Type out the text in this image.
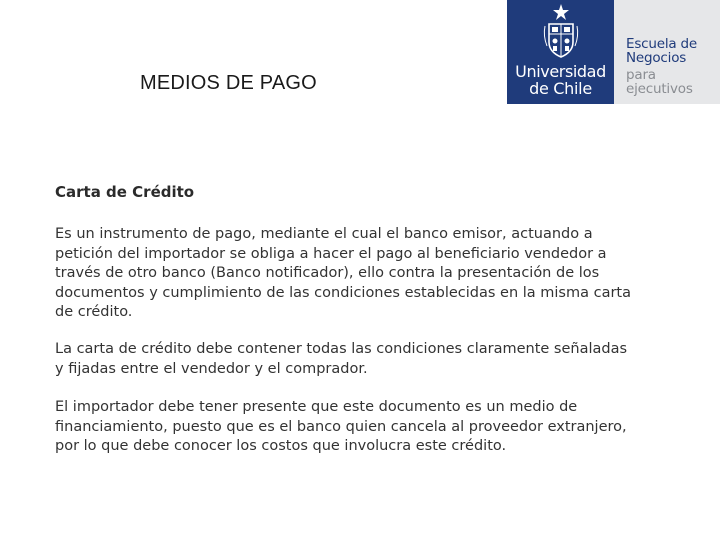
MEDIOS DE PAGO
Universidad
de Chile
Escuela de
Negocios
para
ejecutivos
Carta de Crédito
Es un instrumento de pago, mediante el cual el banco emisor, actuando a
petición del importador se obliga a hacer el pago al beneficiario vendedor a
través de otro banco (Banco notificador), ello contra la presentación de los
documentos y cumplimiento de las condiciones establecidas en la misma carta
de crédito.
La carta de crédito debe contener todas las condiciones claramente señaladas
y fijadas entre el vendedor y el comprador.
El importador debe tener presente que este documento es un medio de
financiamiento, puesto que es el banco quien cancela al proveedor extranjero,
por lo que debe conocer los costos que involucra este crédito.
